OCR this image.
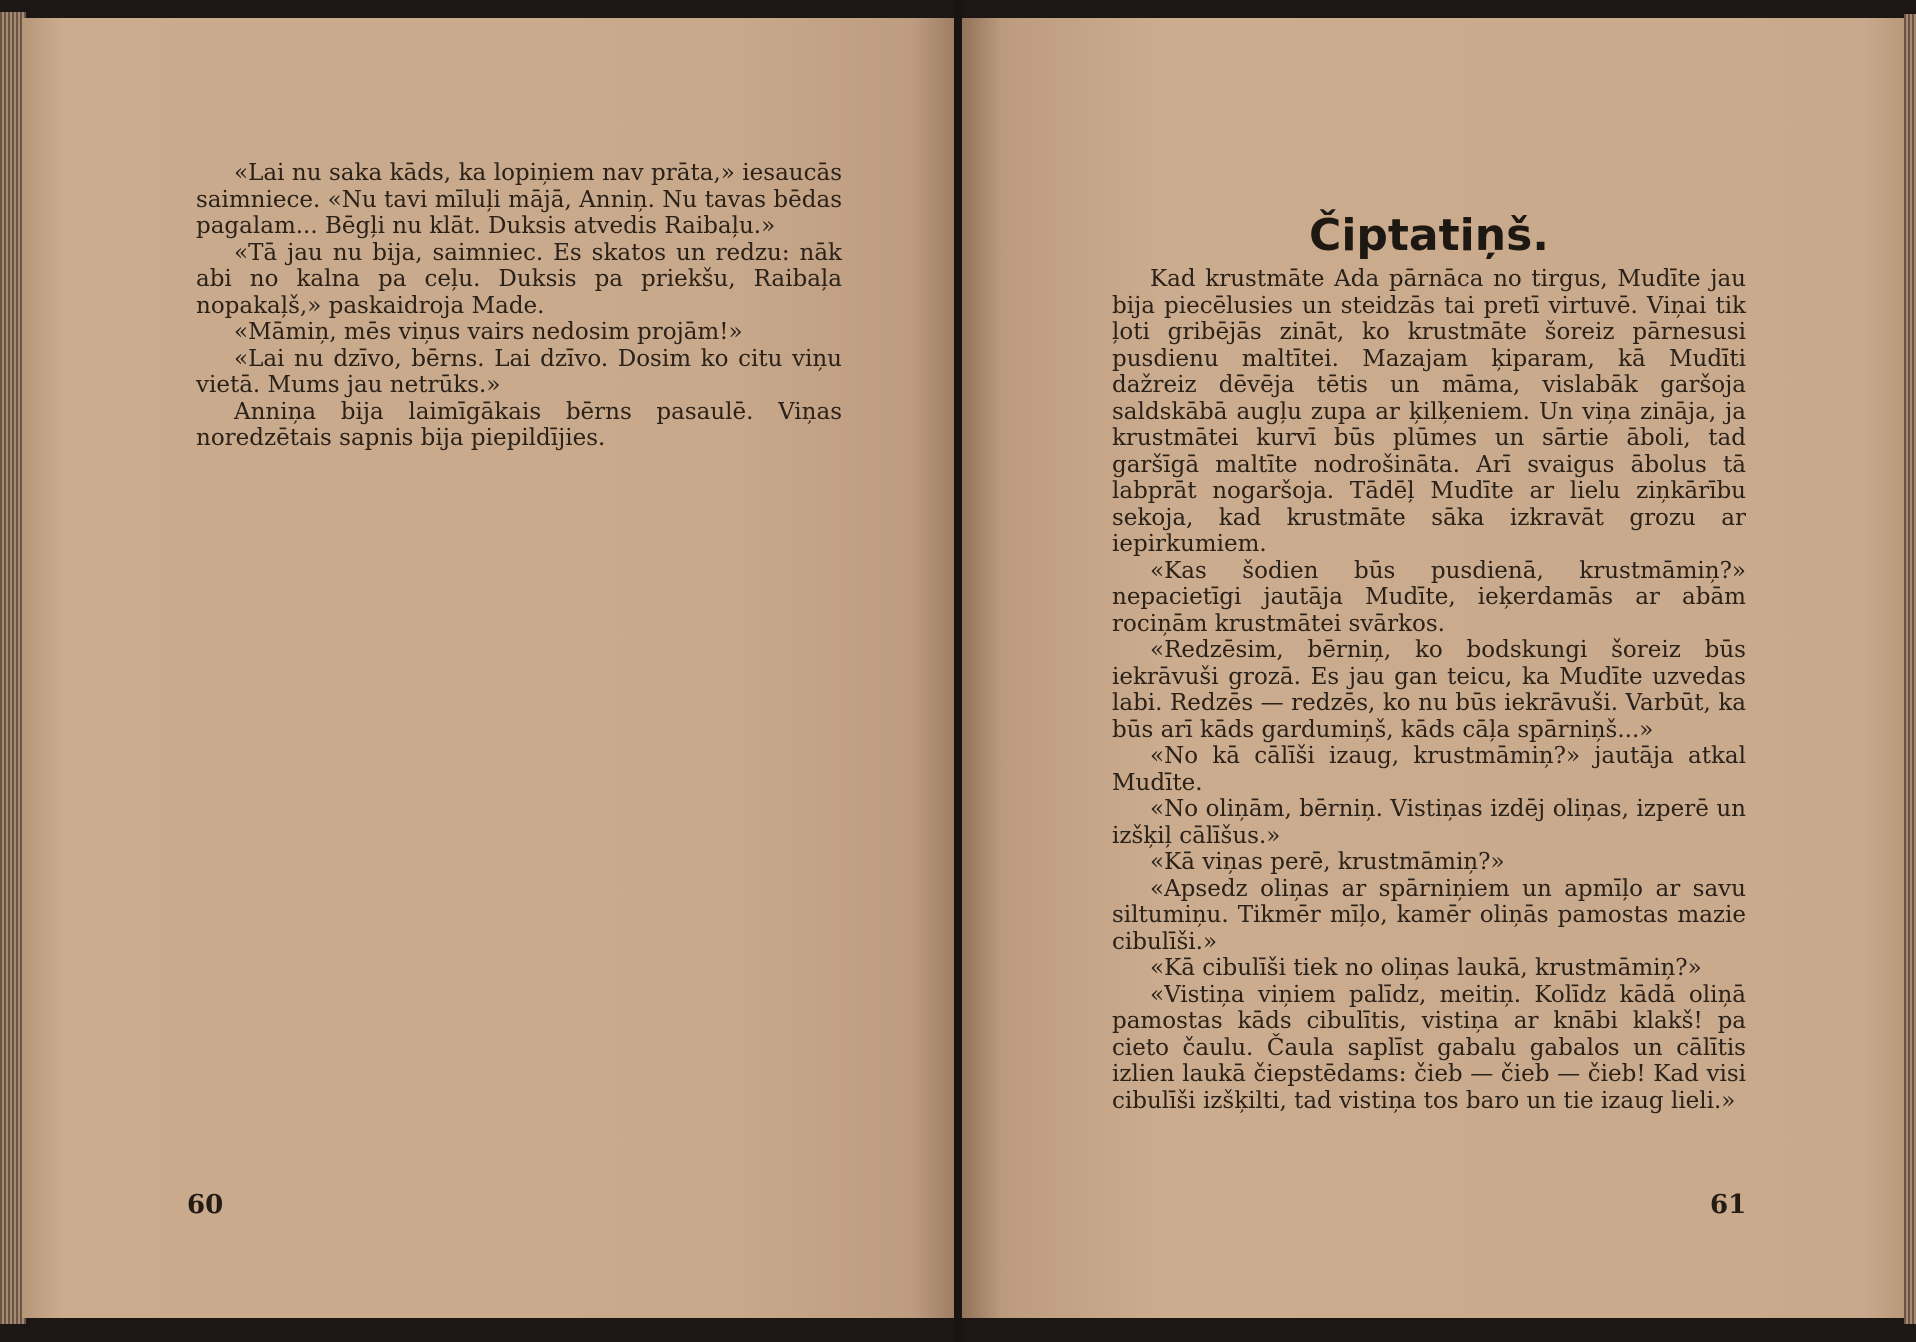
«Lai nu saka kāds, ka lopiņiem nav prāta,» iesaucās saimniece. «Nu tavi mīluļi mājā, Anniņ. Nu tavas bēdas pagalam... Bēgļi nu klāt. Duksis atvedis Raibaļu.»

«Tā jau nu bija, saimniec. Es skatos un redzu: nāk abi no kalna pa ceļu. Duksis pa priekšu, Raibaļa nopakaļš,» paskaidroja Made.

«Māmiņ, mēs viņus vairs nedosim projām!»

«Lai nu dzīvo, bērns. Lai dzīvo. Dosim ko citu viņu vietā. Mums jau netrūks.»

Anniņa bija laimīgākais bērns pasaulē. Viņas noredzētais sapnis bija piepildījies.

60
Čiptatiņš.

Kad krustmāte Ada pārnāca no tirgus, Mudīte jau bija piecēlusies un steidzās tai pretī virtuvē. Viņai tik ļoti gribējās zināt, ko krustmāte šoreiz pārnesusi pusdienu maltītei. Mazajam ķiparam, kā Mudīti dažreiz dēvēja tētis un māma, vislabāk garšoja saldskābā augļu zupa ar ķilķeniem. Un viņa zināja, ja krustmātei kurvī būs plūmes un sārtie āboli, tad garšīgā maltīte nodrošināta. Arī svaigus ābolus tā labprāt nogaršoja. Tādēļ Mudīte ar lielu ziņkārību sekoja, kad krustmāte sāka izkravāt grozu ar iepirkumiem.

«Kas šodien būs pusdienā, krustmāmiņ?» nepacietīgi jautāja Mudīte, ieķerdamās ar abām rociņām krustmātei svārkos.

«Redzēsim, bērniņ, ko bodskungi šoreiz būs iekrāvuši grozā. Es jau gan teicu, ka Mudīte uzvedas labi. Redzēs — redzēs, ko nu būs iekrāvuši. Varbūt, ka būs arī kāds gardumiņš, kāds cāļa spārniņš...»

«No kā cālīši izaug, krustmāmiņ?» jautāja atkal Mudīte.

«No oliņām, bērniņ. Vistiņas izdēj oliņas, izperē un izšķiļ cālīšus.»

«Kā viņas perē, krustmāmiņ?»

«Apsedz oliņas ar spārniņiem un apmīļo ar savu siltumiņu. Tikmēr mīļo, kamēr oliņās pamostas mazie cibulīši.»

«Kā cibulīši tiek no oliņas laukā, krustmāmiņ?»

«Vistiņa viņiem palīdz, meitiņ. Kolīdz kādā oliņā pamostas kāds cibulītis, vistiņa ar knābi klakš! pa cieto čaulu. Čaula saplīst gabalu gabalos un cālītis izlien laukā čiepstēdams: čieb — čieb — čieb! Kad visi cibulīši izšķilti, tad vistiņa tos baro un tie izaug lieli.»

61
